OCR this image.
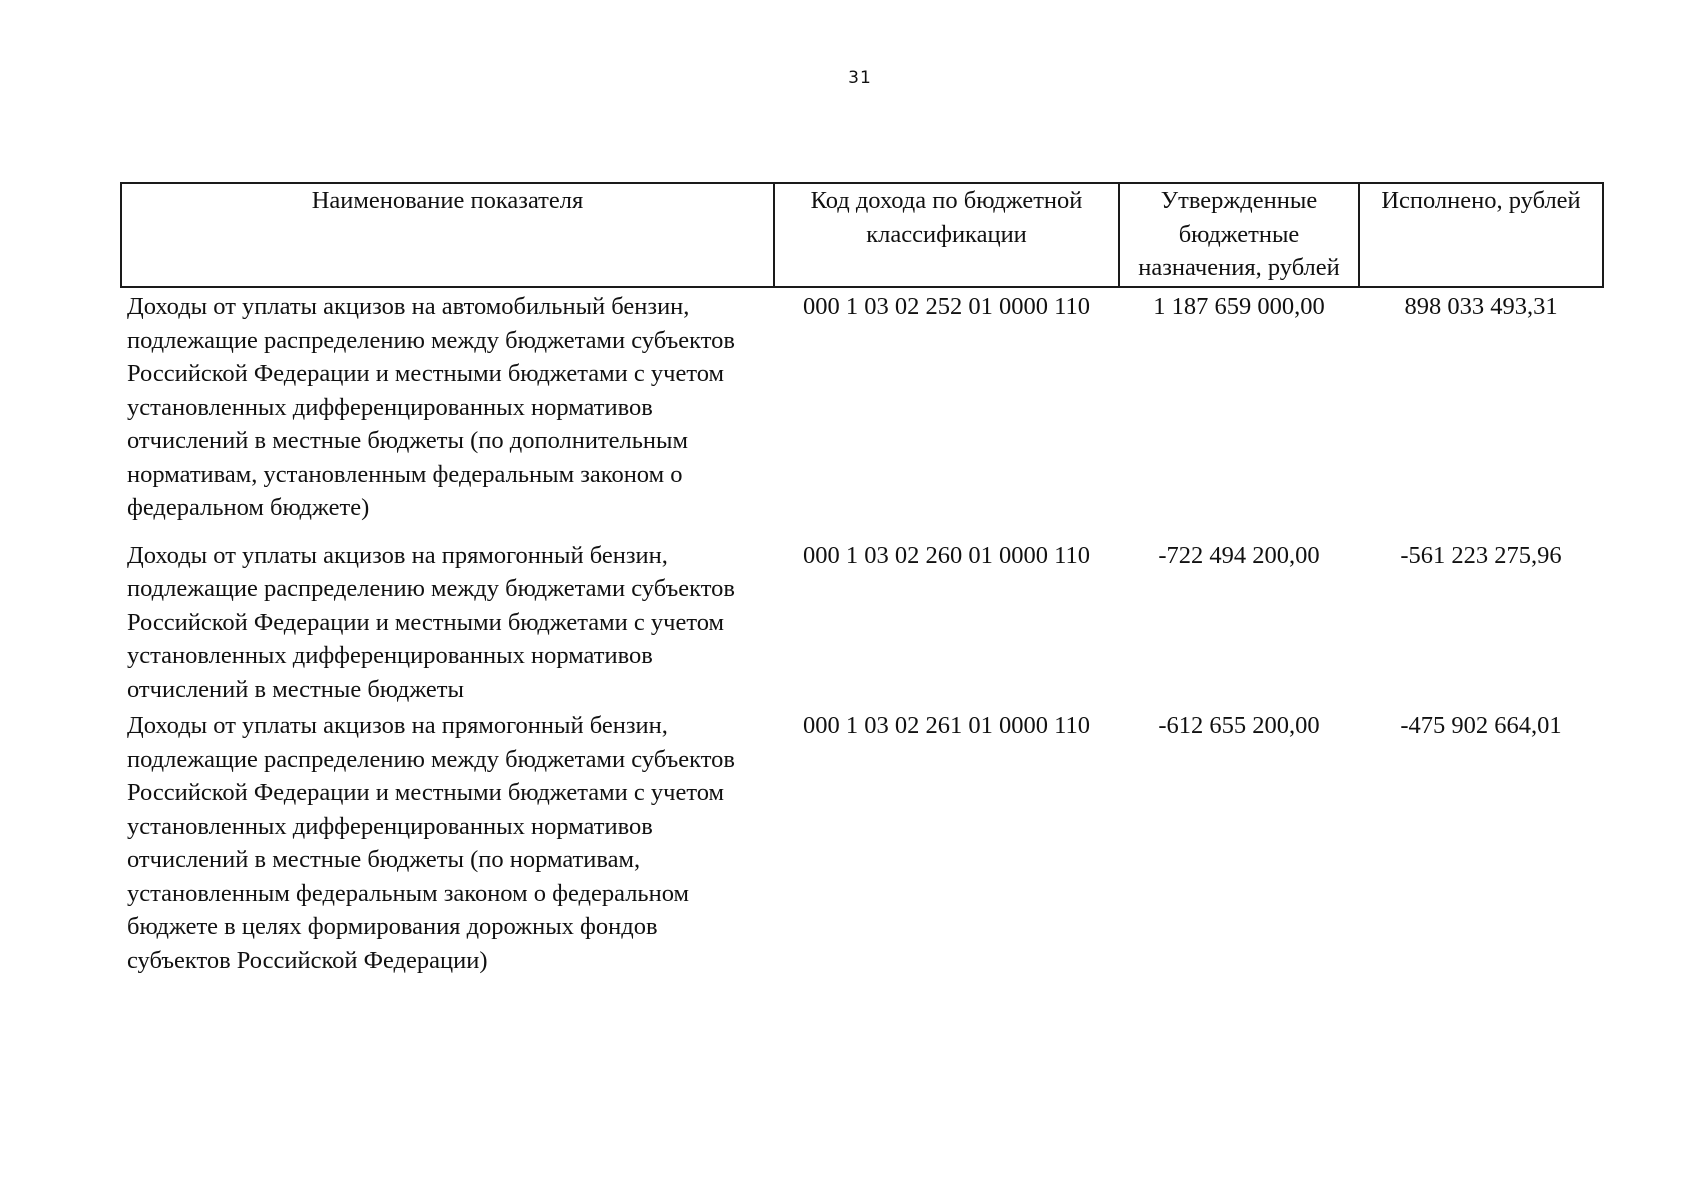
31
Наименование показателя	Код дохода по бюджетной классификации	Утвержденные бюджетные назначения, рублей	Исполнено, рублей
Доходы от уплаты акцизов на автомобильный бензин, подлежащие распределению между бюджетами субъектов Российской Федерации и местными бюджетами с учетом установленных дифференцированных нормативов отчислений в местные бюджеты (по дополнительным нормативам, установленным федеральным законом о федеральном бюджете)	000 1 03 02 252 01 0000 110	1 187 659 000,00	898 033 493,31
Доходы от уплаты акцизов на прямогонный бензин, подлежащие распределению между бюджетами субъектов Российской Федерации и местными бюджетами с учетом установленных дифференцированных нормативов отчислений в местные бюджеты	000 1 03 02 260 01 0000 110	-722 494 200,00	-561 223 275,96
Доходы от уплаты акцизов на прямогонный бензин, подлежащие распределению между бюджетами субъектов Российской Федерации и местными бюджетами с учетом установленных дифференцированных нормативов отчислений в местные бюджеты (по нормативам, установленным федеральным законом о федеральном бюджете в целях формирования дорожных фондов субъектов Российской Федерации)	000 1 03 02 261 01 0000 110	-612 655 200,00	-475 902 664,01
